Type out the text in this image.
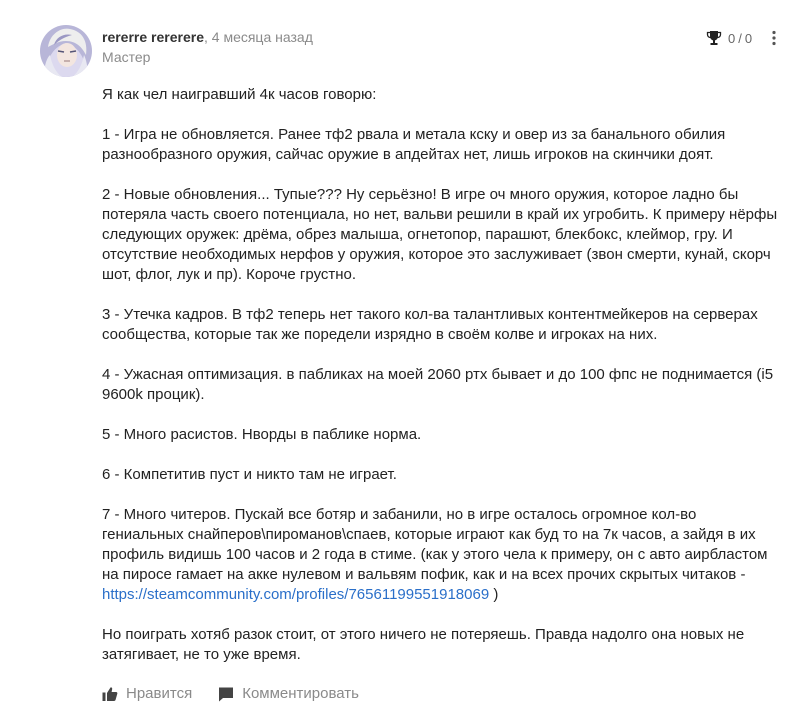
rererre rererere, 4 месяца назад
Мастер
0 / 0

Я как чел наигравший 4к часов говорю:

1 - Игра не обновляется. Ранее тф2 рвала и метала кску и овер из за банального обилия разнообразного оружия, сайчас оружие в апдейтах нет, лишь игроков на скинчики доят.

2 - Новые обновления... Тупые??? Ну серьёзно! В игре оч много оружия, которое ладно бы потеряла часть своего потенциала, но нет, вальви решили в край их угробить. К примеру нёрфы следующих оружек: дрёма, обрез малыша, огнетопор, парашют, блекбокс, клеймор, гру. И отсутствие необходимых нерфов у оружия, которое это заслуживает (звон смерти, кунай, скорч шот, флог, лук и пр). Короче грустно.

3 - Утечка кадров. В тф2 теперь нет такого кол-ва талантливых контентмейкеров на серверах сообщества, которые так же поредели изрядно в своём колве и игроках на них.

4 - Ужасная оптимизация. в пабликах на моей 2060 ртх бывает и до 100 фпс не поднимается (i5 9600k процик).

5 - Много расистов. Нворды в паблике норма.

6 - Компетитив пуст и никто там не играет.

7 - Много читеров. Пускай все ботяр и забанили, но в игре осталось огромное кол-во гениальных снайперов\пироманов\спаев, которые играют как буд то на 7к часов, а зайдя в их профиль видишь 100 часов и 2 года в стиме. (как у этого чела к примеру, он с авто аирбластом на пиросе гамает на акке нулевом и вальвям пофик, как и на всех прочих скрытых читаков - https://steamcommunity.com/profiles/76561199551918069 )

Но поиграть хотяб разок стоит, от этого ничего не потеряешь. Правда надолго она новых не затягивает, не то уже время.

Нравится	Комментировать
